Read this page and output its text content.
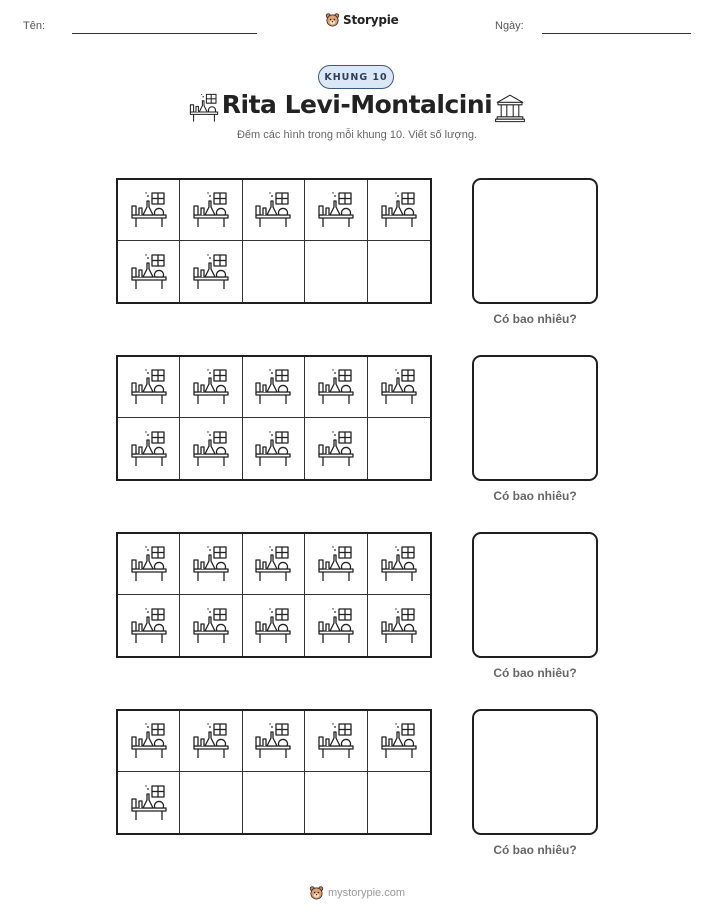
Tên:	Storypie	Ngày:
KHUNG 10
Rita Levi-Montalcini
Đếm các hình trong mỗi khung 10. Viết số lượng.
Có bao nhiêu?
Có bao nhiêu?
Có bao nhiêu?
Có bao nhiêu?
mystorypie.com
